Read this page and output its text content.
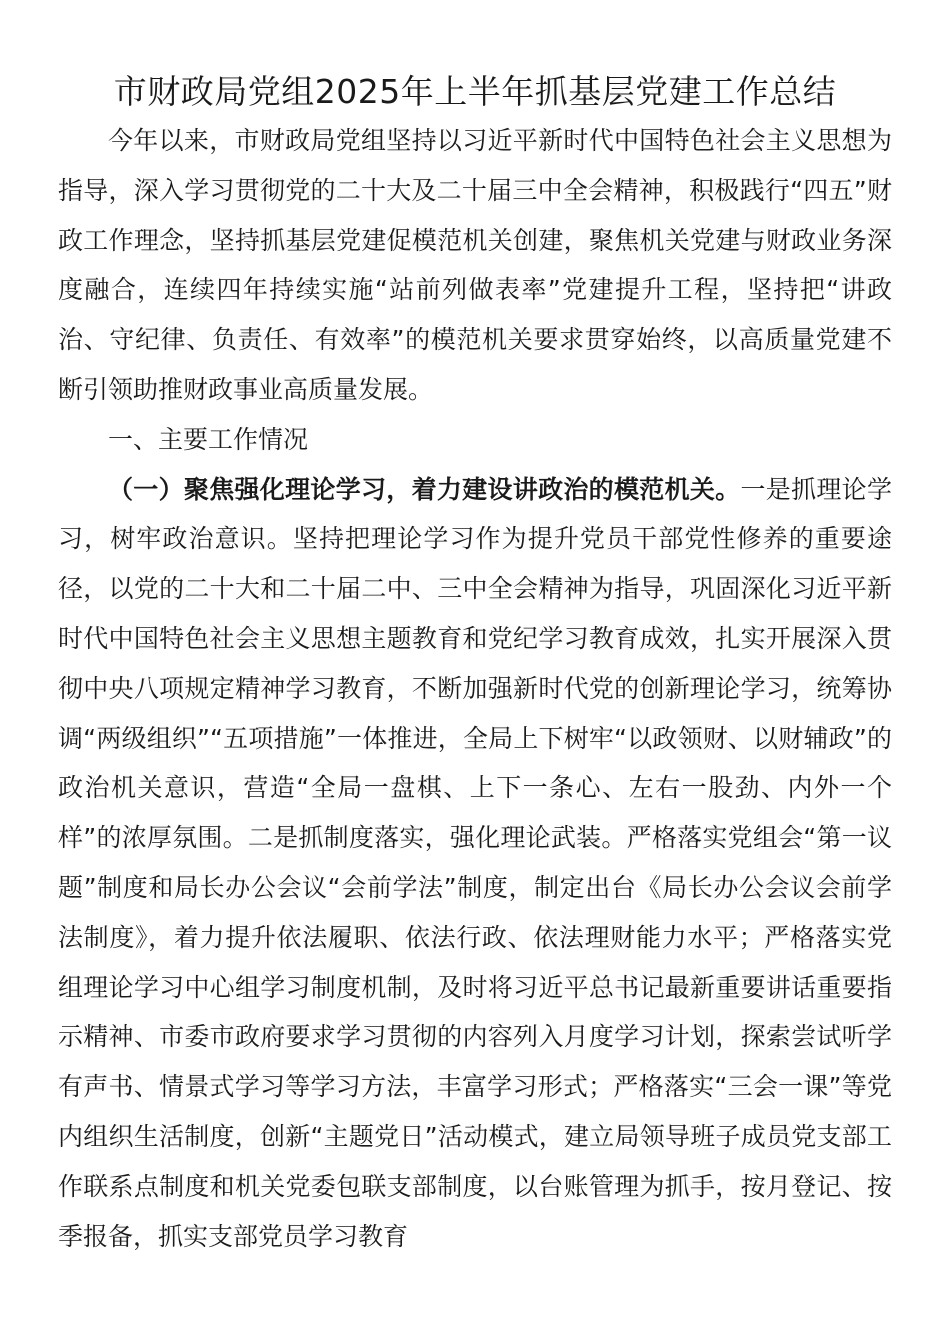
市财政局党组2025年上半年抓基层党建工作总结

今年以来，市财政局党组坚持以习近平新时代中国特色社会主义思想为指导，深入学习贯彻党的二十大及二十届三中全会精神，积极践行“四五”财政工作理念，坚持抓基层党建促模范机关创建，聚焦机关党建与财政业务深度融合，连续四年持续实施“站前列做表率”党建提升工程，坚持把“讲政治、守纪律、负责任、有效率”的模范机关要求贯穿始终，以高质量党建不断引领助推财政事业高质量发展。

一、主要工作情况

（一）聚焦强化理论学习，着力建设讲政治的模范机关。一是抓理论学习，树牢政治意识。坚持把理论学习作为提升党员干部党性修养的重要途径，以党的二十大和二十届二中、三中全会精神为指导，巩固深化习近平新时代中国特色社会主义思想主题教育和党纪学习教育成效，扎实开展深入贯彻中央八项规定精神学习教育，不断加强新时代党的创新理论学习，统筹协调“两级组织”“五项措施”一体推进，全局上下树牢“以政领财、以财辅政”的政治机关意识，营造“全局一盘棋、上下一条心、左右一股劲、内外一个样”的浓厚氛围。二是抓制度落实，强化理论武装。严格落实党组会“第一议题”制度和局长办公会议“会前学法”制度，制定出台《局长办公会议会前学法制度》，着力提升依法履职、依法行政、依法理财能力水平；严格落实党组理论学习中心组学习制度机制，及时将习近平总书记最新重要讲话重要指示精神、市委市政府要求学习贯彻的内容列入月度学习计划，探索尝试听学有声书、情景式学习等学习方法，丰富学习形式；严格落实“三会一课”等党内组织生活制度，创新“主题党日”活动模式，建立局领导班子成员党支部工作联系点制度和机关党委包联支部制度，以台账管理为抓手，按月登记、按季报备，抓实支部党员学习教育
